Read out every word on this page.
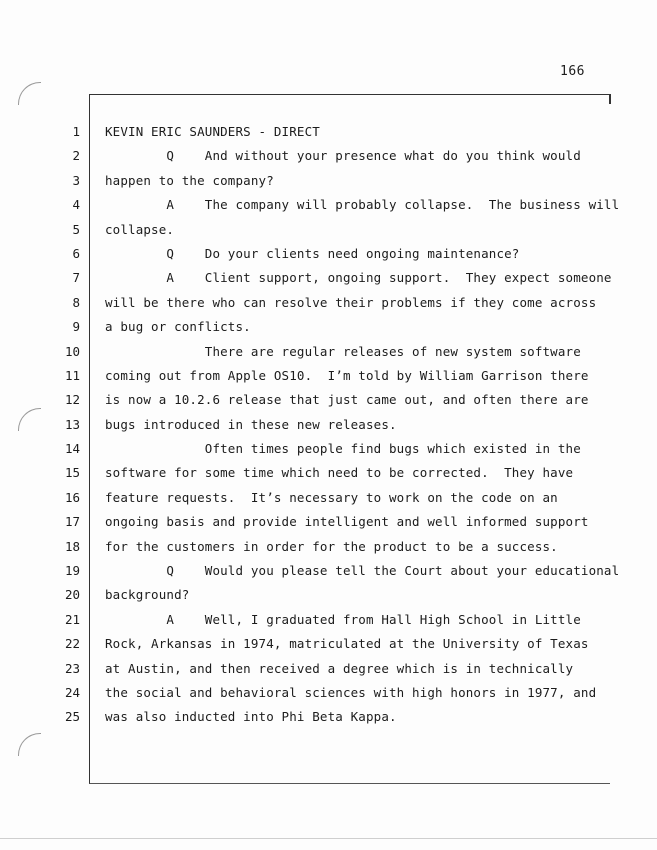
166
1
2
3
4
5
6
7
8
9
10
11
12
13
14
15
16
17
18
19
20
21
22
23
24
25
KEVIN ERIC SAUNDERS - DIRECT
Q    And without your presence what do you think would
happen to the company?
A    The company will probably collapse.  The business will
collapse.
Q    Do your clients need ongoing maintenance?
A    Client support, ongoing support.  They expect someone
will be there who can resolve their problems if they come across
a bug or conflicts.
There are regular releases of new system software
coming out from Apple OS10.  I’m told by William Garrison there
is now a 10.2.6 release that just came out, and often there are
bugs introduced in these new releases.
Often times people find bugs which existed in the
software for some time which need to be corrected.  They have
feature requests.  It’s necessary to work on the code on an
ongoing basis and provide intelligent and well informed support
for the customers in order for the product to be a success.
Q    Would you please tell the Court about your educational
background?
A    Well, I graduated from Hall High School in Little
Rock, Arkansas in 1974, matriculated at the University of Texas
at Austin, and then received a degree which is in technically
the social and behavioral sciences with high honors in 1977, and
was also inducted into Phi Beta Kappa.
